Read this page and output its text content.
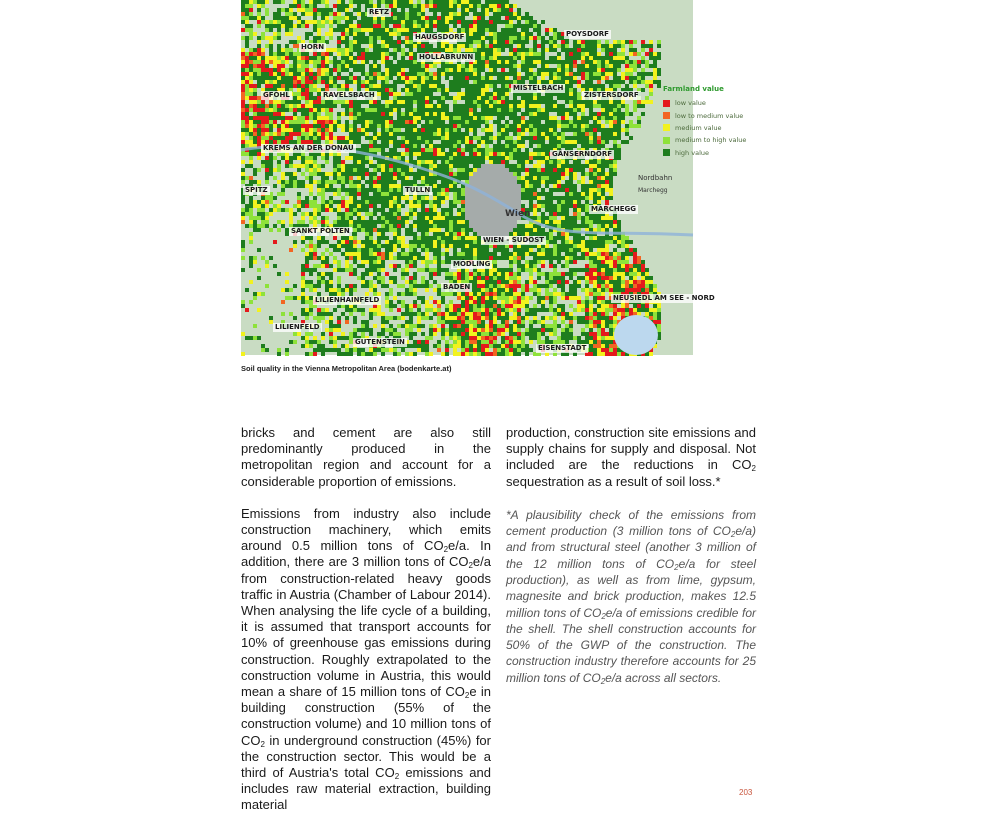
RETZ
HAUGSDORF	POYSDORF
HORN
HOLLABRUNN
MISTELBACH
ZISTERSDORF
GFÖHL	RAVELSBACH
KREMS AN DER DONAU
GÄNSERNDORF
SPITZ	TULLN
MARCHEGG
SANKT PÖLTEN
WIEN - SÜDOST
MÖDLING
BADEN
NEUSIEDL AM SEE - NORD
LILIENHAINFELD
LILIENFELD
GUTENSTEIN
EISENSTADT
Wien
Nordbahn
Marchegg
Farmland value
low value
low to medium value
medium value
medium to high value
high value
Soil quality in the Vienna Metropolitan Area (bodenkarte.at)

bricks and cement are also still predominantly produced in the metropolitan region and account for a considerable proportion of emissions.

Emissions from industry also include construction machinery, which emits around 0.5 million tons of $CO_2e/a$. In addition, there are 3 million tons of $CO_2e/a$ from construction-related heavy goods traffic in Austria (Chamber of Labour 2014). When analysing the life cycle of a building, it is assumed that transport accounts for 10% of greenhouse gas emissions during construction. Roughly extrapolated to the construction volume in Austria, this would mean a share of 15 million tons of $CO_2e$ in building construction (55% of the construction volume) and 10 million tons of $CO_2$ in underground construction (45%) for the construction sector. This would be a third of Austria's total $CO_2$ emissions and includes raw material extraction, building material

production, construction site emissions and supply chains for supply and disposal. Not included are the reductions in $CO_2$ sequestration as a result of soil loss.*

*A plausibility check of the emissions from cement production (3 million tons of $CO_2e/a$) and from structural steel (another 3 million of the 12 million tons of $CO_2e/a$ for steel production), as well as from lime, gypsum, magnesite and brick production, makes 12.5 million tons of $CO_2e/a$ of emissions credible for the shell. The shell construction accounts for 50% of the GWP of the construction. The construction industry therefore accounts for 25 million tons of $CO_2e/a$ across all sectors.

203
